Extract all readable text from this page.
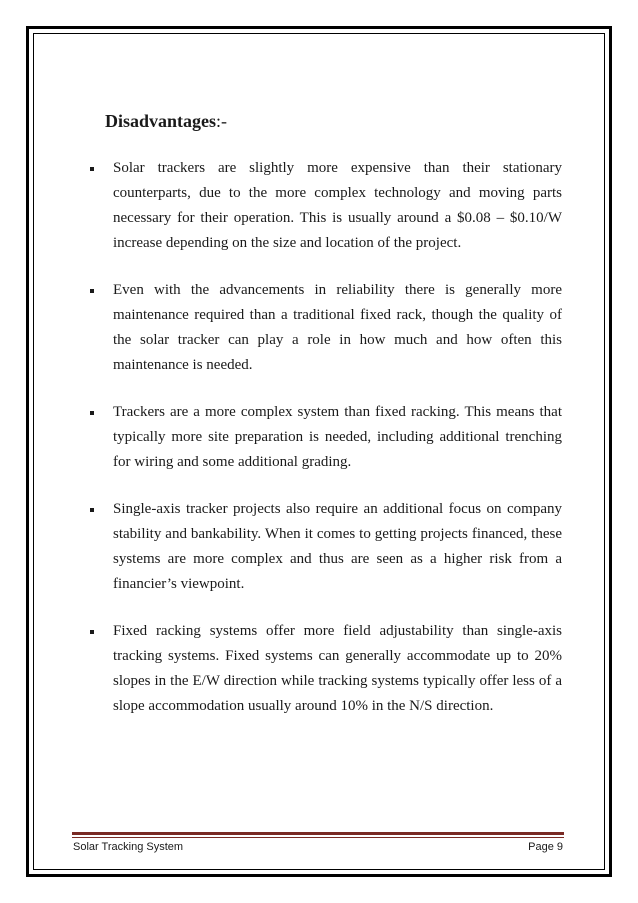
Disadvantages:-
Solar trackers are slightly more expensive than their stationary counterparts, due to the more complex technology and moving parts necessary for their operation. This is usually around a $0.08 – $0.10/W increase depending on the size and location of the project.
Even with the advancements in reliability there is generally more maintenance required than a traditional fixed rack, though the quality of the solar tracker can play a role in how much and how often this maintenance is needed.
Trackers are a more complex system than fixed racking. This means that typically more site preparation is needed, including additional trenching for wiring and some additional grading.
Single-axis tracker projects also require an additional focus on company stability and bankability. When it comes to getting projects financed, these systems are more complex and thus are seen as a higher risk from a financier’s viewpoint.
Fixed racking systems offer more field adjustability than single-axis tracking systems. Fixed systems can generally accommodate up to 20% slopes in the E/W direction while tracking systems typically offer less of a slope accommodation usually around 10% in the N/S direction.
Solar Tracking System	Page 9
